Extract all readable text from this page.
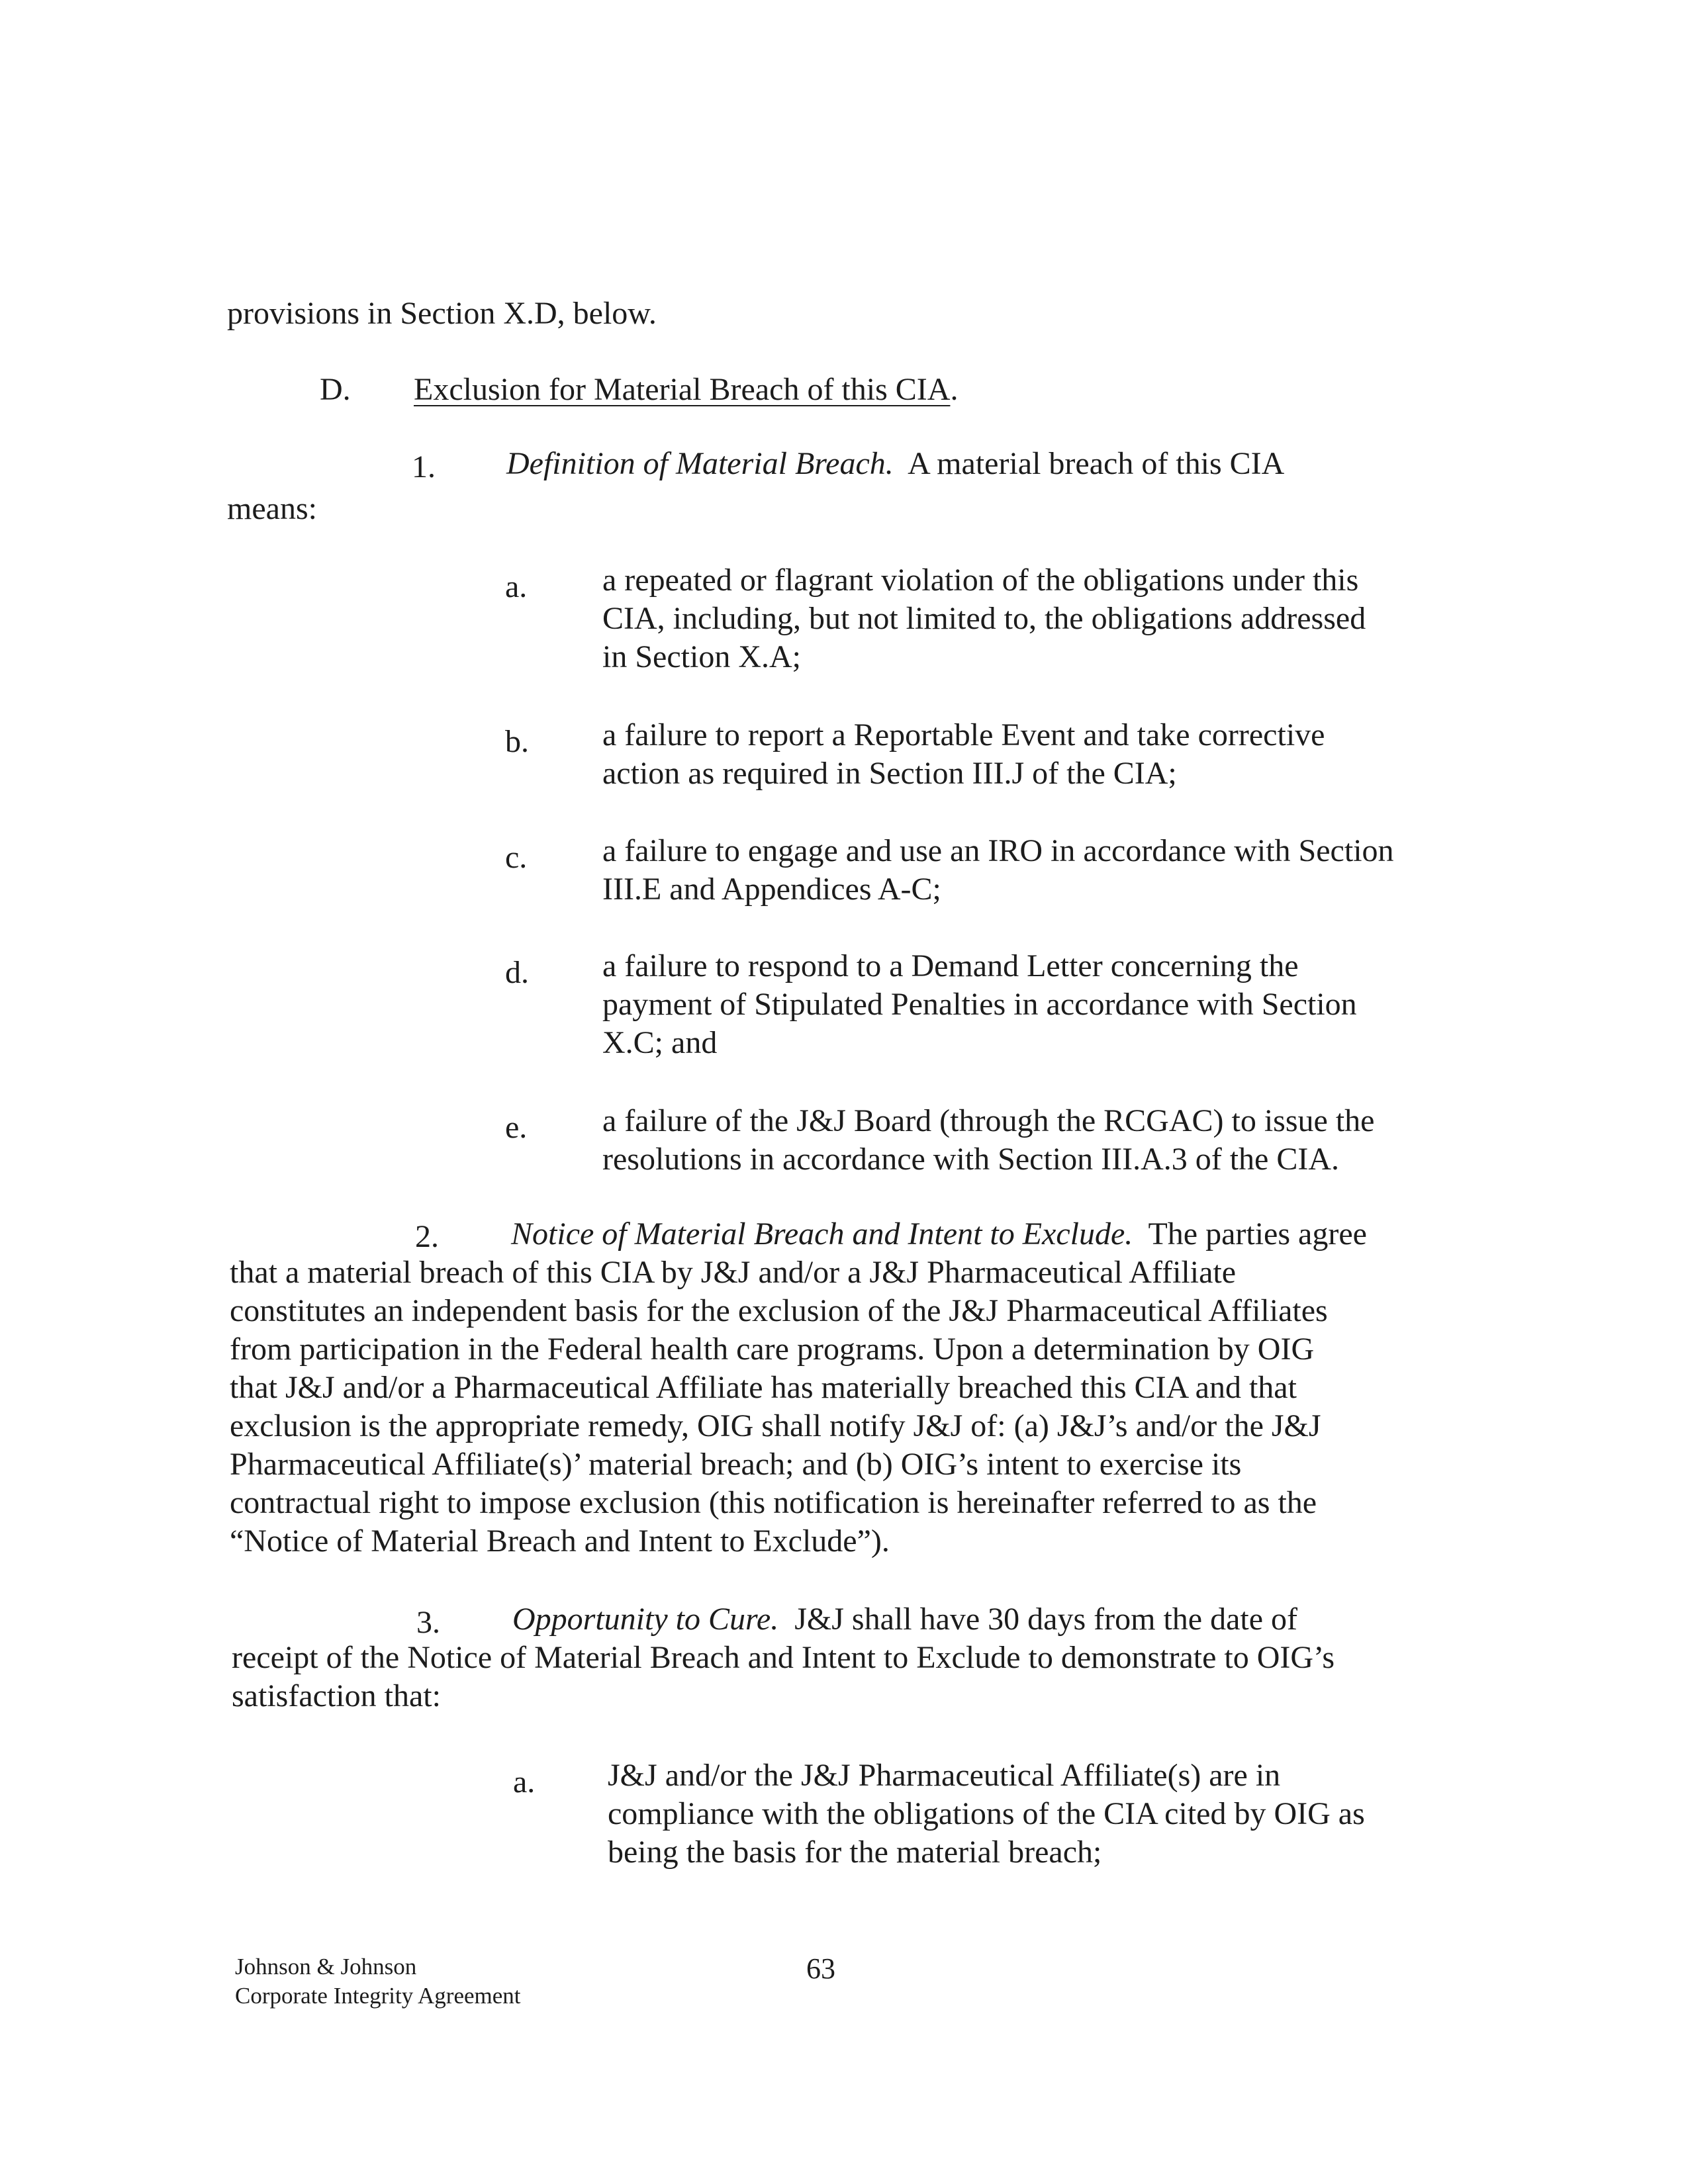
provisions in Section X.D, below.
D. Exclusion for Material Breach of this CIA.
1. Definition of Material Breach. A material breach of this CIA
means:
a. a repeated or flagrant violation of the obligations under this
CIA, including, but not limited to, the obligations addressed
in Section X.A;
b. a failure to report a Reportable Event and take corrective
action as required in Section III.J of the CIA;
c. a failure to engage and use an IRO in accordance with Section
III.E and Appendices A-C;
d. a failure to respond to a Demand Letter concerning the
payment of Stipulated Penalties in accordance with Section
X.C; and
e. a failure of the J&J Board (through the RCGAC) to issue the
resolutions in accordance with Section III.A.3 of the CIA.
2. Notice of Material Breach and Intent to Exclude. The parties agree
that a material breach of this CIA by J&J and/or a J&J Pharmaceutical Affiliate
constitutes an independent basis for the exclusion of the J&J Pharmaceutical Affiliates
from participation in the Federal health care programs. Upon a determination by OIG
that J&J and/or a Pharmaceutical Affiliate has materially breached this CIA and that
exclusion is the appropriate remedy, OIG shall notify J&J of: (a) J&J’s and/or the J&J
Pharmaceutical Affiliate(s)’ material breach; and (b) OIG’s intent to exercise its
contractual right to impose exclusion (this notification is hereinafter referred to as the
“Notice of Material Breach and Intent to Exclude”).
3. Opportunity to Cure. J&J shall have 30 days from the date of
receipt of the Notice of Material Breach and Intent to Exclude to demonstrate to OIG’s
satisfaction that:
a. J&J and/or the J&J Pharmaceutical Affiliate(s) are in
compliance with the obligations of the CIA cited by OIG as
being the basis for the material breach;
Johnson & Johnson
Corporate Integrity Agreement
63
